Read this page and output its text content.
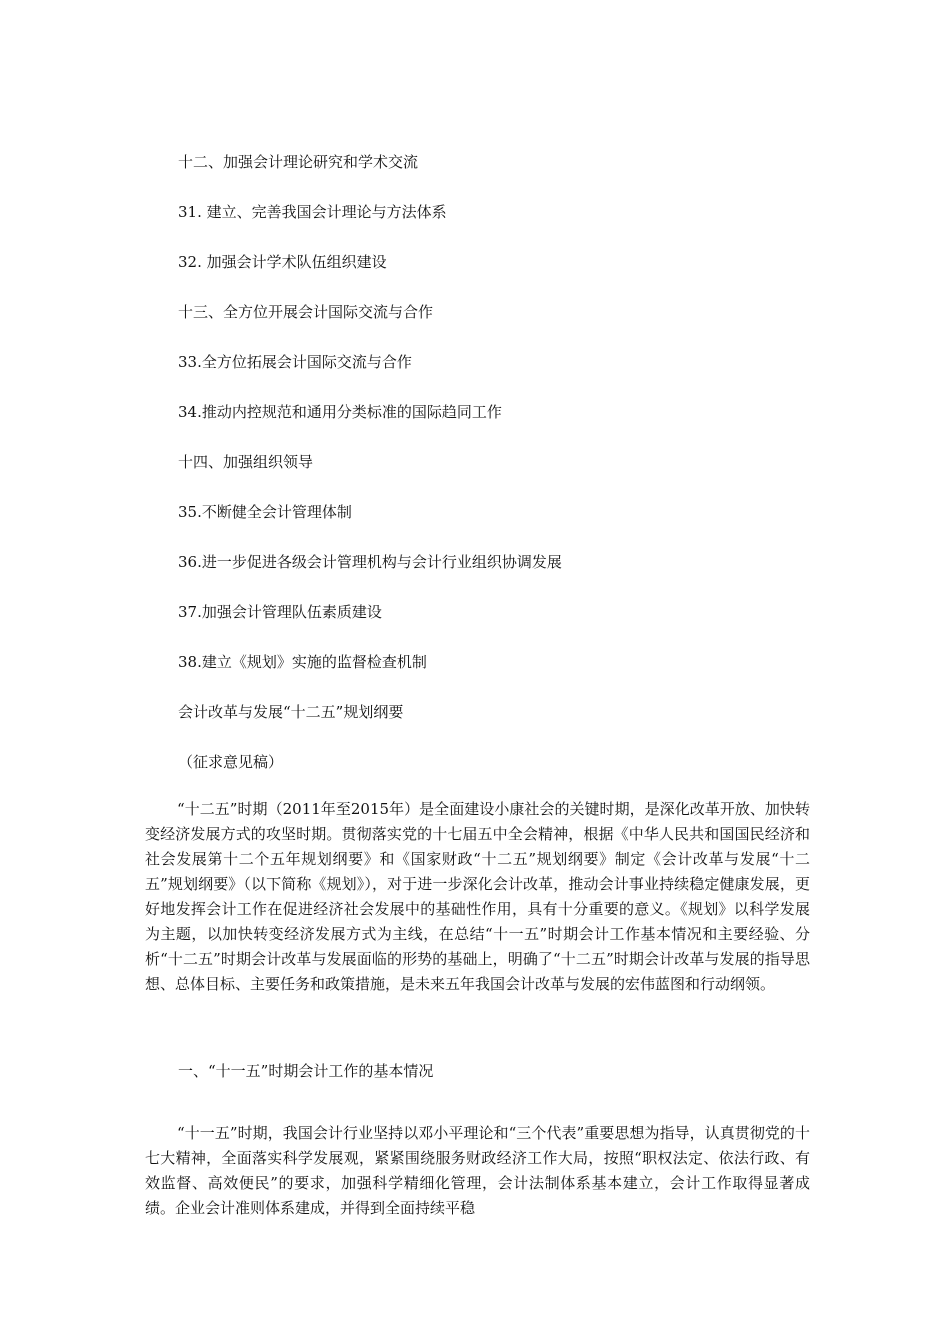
十二、加强会计理论研究和学术交流
31. 建立、完善我国会计理论与方法体系
32. 加强会计学术队伍组织建设
十三、全方位开展会计国际交流与合作
33.全方位拓展会计国际交流与合作
34.推动内控规范和通用分类标准的国际趋同工作
十四、加强组织领导
35.不断健全会计管理体制
36.进一步促进各级会计管理机构与会计行业组织协调发展
37.加强会计管理队伍素质建设
38.建立《规划》实施的监督检查机制
会计改革与发展“十二五”规划纲要
（征求意见稿）
“十二五”时期（2011年至2015年）是全面建设小康社会的关键时期，是深化改革开放、加快转变经济发展方式的攻坚时期。贯彻落实党的十七届五中全会精神，根据《中华人民共和国国民经济和社会发展第十二个五年规划纲要》和《国家财政“十二五”规划纲要》制定《会计改革与发展“十二五”规划纲要》（以下简称《规划》），对于进一步深化会计改革，推动会计事业持续稳定健康发展，更好地发挥会计工作在促进经济社会发展中的基础性作用，具有十分重要的意义。《规划》以科学发展为主题，以加快转变经济发展方式为主线，在总结“十一五”时期会计工作基本情况和主要经验、分析“十二五”时期会计改革与发展面临的形势的基础上，明确了“十二五”时期会计改革与发展的指导思想、总体目标、主要任务和政策措施，是未来五年我国会计改革与发展的宏伟蓝图和行动纲领。
一、“十一五”时期会计工作的基本情况
“十一五”时期，我国会计行业坚持以邓小平理论和“三个代表”重要思想为指导，认真贯彻党的十七大精神，全面落实科学发展观，紧紧围绕服务财政经济工作大局，按照“职权法定、依法行政、有效监督、高效便民”的要求，加强科学精细化管理，会计法制体系基本建立，会计工作取得显著成绩。企业会计准则体系建成，并得到全面持续平稳
